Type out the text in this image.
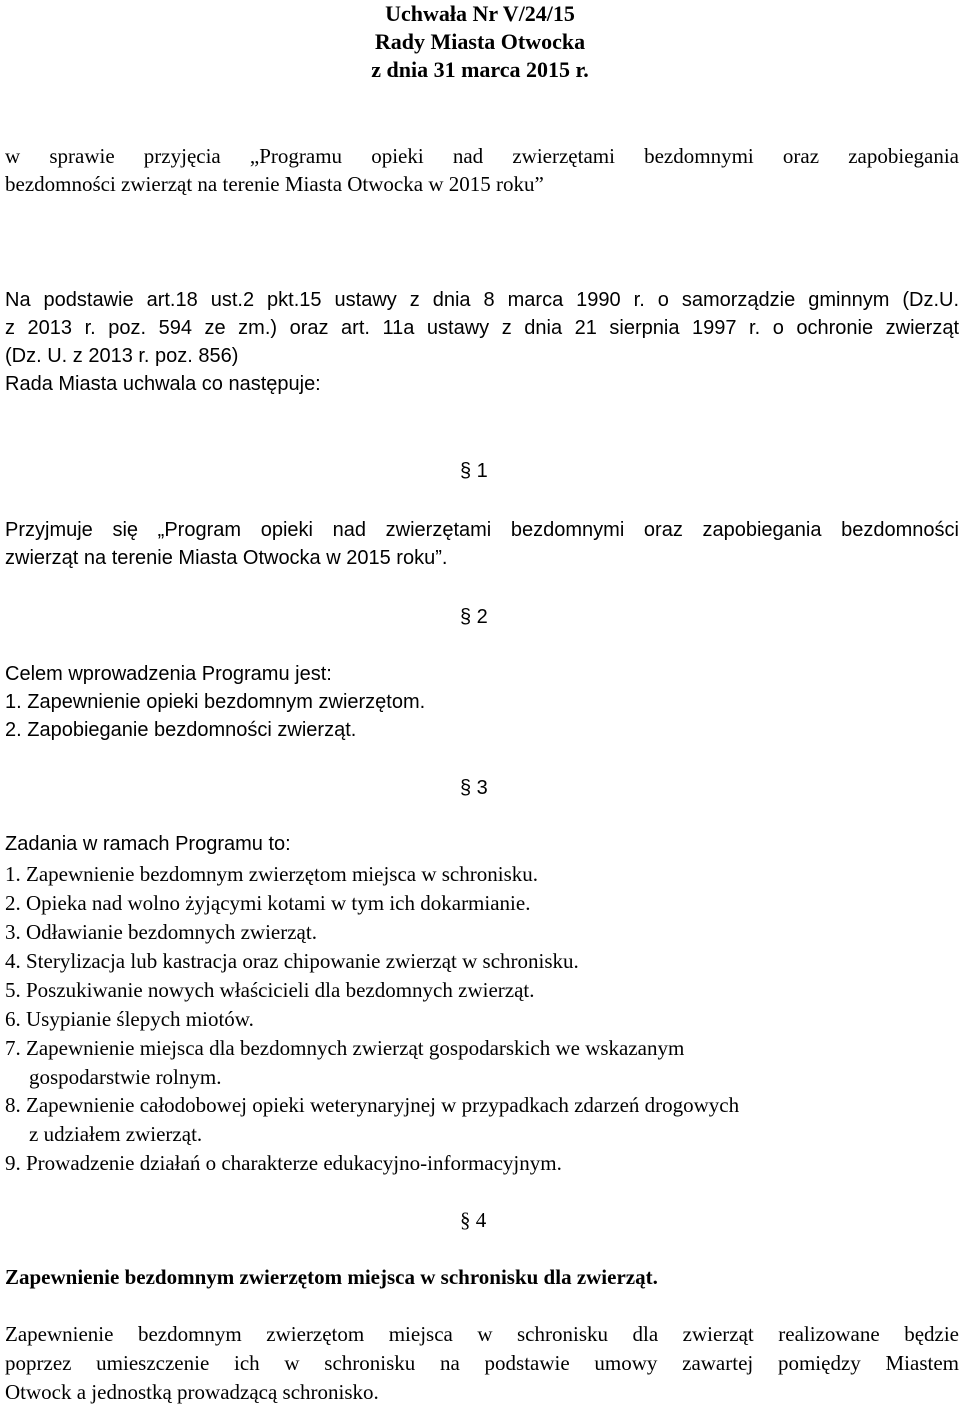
Uchwała Nr V/24/15
Rady Miasta Otwocka
z dnia 31 marca 2015 r.
w sprawie przyjęcia „Programu opieki nad zwierzętami bezdomnymi oraz zapobiegania
bezdomności zwierząt na terenie Miasta Otwocka w 2015 roku”
Na podstawie art.18 ust.2 pkt.15 ustawy z dnia 8 marca 1990 r. o samorządzie gminnym (Dz.U.
z 2013 r. poz. 594 ze zm.) oraz art. 11a ustawy z dnia 21 sierpnia 1997 r. o ochronie zwierząt
(Dz. U. z 2013 r. poz. 856)
Rada Miasta uchwala co następuje:
§ 1
Przyjmuje się „Program opieki nad zwierzętami bezdomnymi oraz zapobiegania bezdomności
zwierząt na terenie Miasta Otwocka w 2015 roku”.
§ 2
Celem wprowadzenia Programu jest:
1. Zapewnienie opieki bezdomnym zwierzętom.
2. Zapobieganie bezdomności zwierząt.
§ 3
Zadania w ramach Programu to:
1. Zapewnienie bezdomnym zwierzętom miejsca w schronisku.
2. Opieka nad wolno żyjącymi kotami w tym ich dokarmianie.
3. Odławianie bezdomnych zwierząt.
4. Sterylizacja lub kastracja oraz chipowanie zwierząt w schronisku.
5. Poszukiwanie nowych właścicieli dla bezdomnych zwierząt.
6. Usypianie ślepych miotów.
7. Zapewnienie miejsca dla bezdomnych zwierząt gospodarskich we wskazanym
gospodarstwie rolnym.
8. Zapewnienie całodobowej opieki weterynaryjnej w przypadkach zdarzeń drogowych
z udziałem zwierząt.
9. Prowadzenie działań o charakterze edukacyjno-informacyjnym.
§ 4
Zapewnienie bezdomnym zwierzętom miejsca w schronisku dla zwierząt.
Zapewnienie bezdomnym zwierzętom miejsca w schronisku dla zwierząt realizowane będzie
poprzez umieszczenie ich w schronisku na podstawie umowy zawartej pomiędzy Miastem
Otwock a jednostką prowadzącą schronisko.
